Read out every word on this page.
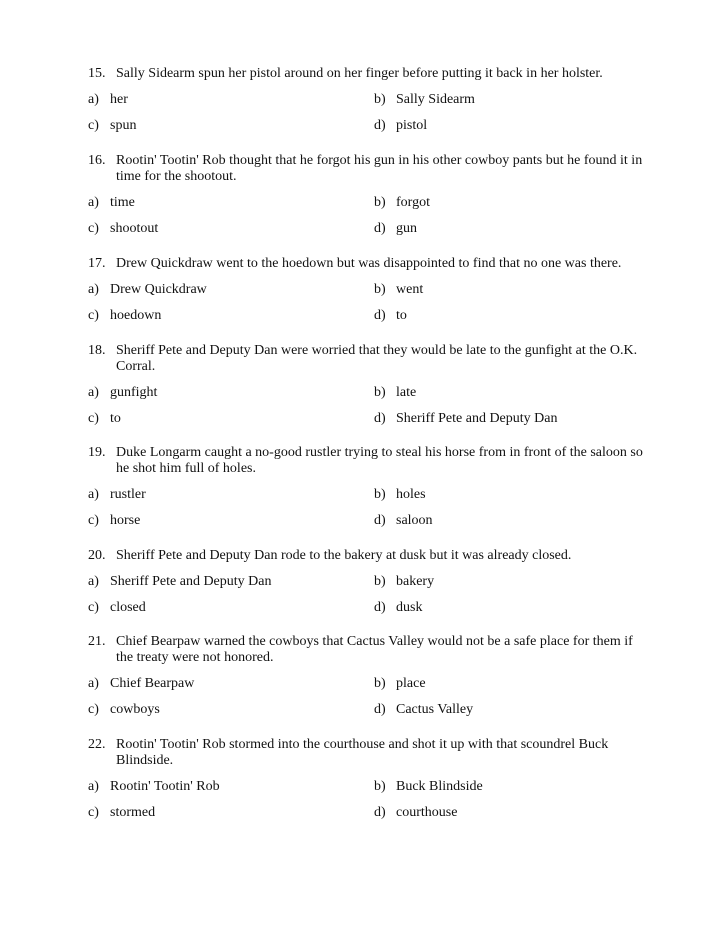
15. Sally Sidearm spun her pistol around on her finger before putting it back in her holster.
a) her	b) Sally Sidearm
c) spun	d) pistol
16. Rootin' Tootin' Rob thought that he forgot his gun in his other cowboy pants but he found it in time for the shootout.
a) time	b) forgot
c) shootout	d) gun
17. Drew Quickdraw went to the hoedown but was disappointed to find that no one was there.
a) Drew Quickdraw	b) went
c) hoedown	d) to
18. Sheriff Pete and Deputy Dan were worried that they would be late to the gunfight at the O.K. Corral.
a) gunfight	b) late
c) to	d) Sheriff Pete and Deputy Dan
19. Duke Longarm caught a no-good rustler trying to steal his horse from in front of the saloon so he shot him full of holes.
a) rustler	b) holes
c) horse	d) saloon
20. Sheriff Pete and Deputy Dan rode to the bakery at dusk but it was already closed.
a) Sheriff Pete and Deputy Dan	b) bakery
c) closed	d) dusk
21. Chief Bearpaw warned the cowboys that Cactus Valley would not be a safe place for them if the treaty were not honored.
a) Chief Bearpaw	b) place
c) cowboys	d) Cactus Valley
22. Rootin' Tootin' Rob stormed into the courthouse and shot it up with that scoundrel Buck Blindside.
a) Rootin' Tootin' Rob	b) Buck Blindside
c) stormed	d) courthouse
